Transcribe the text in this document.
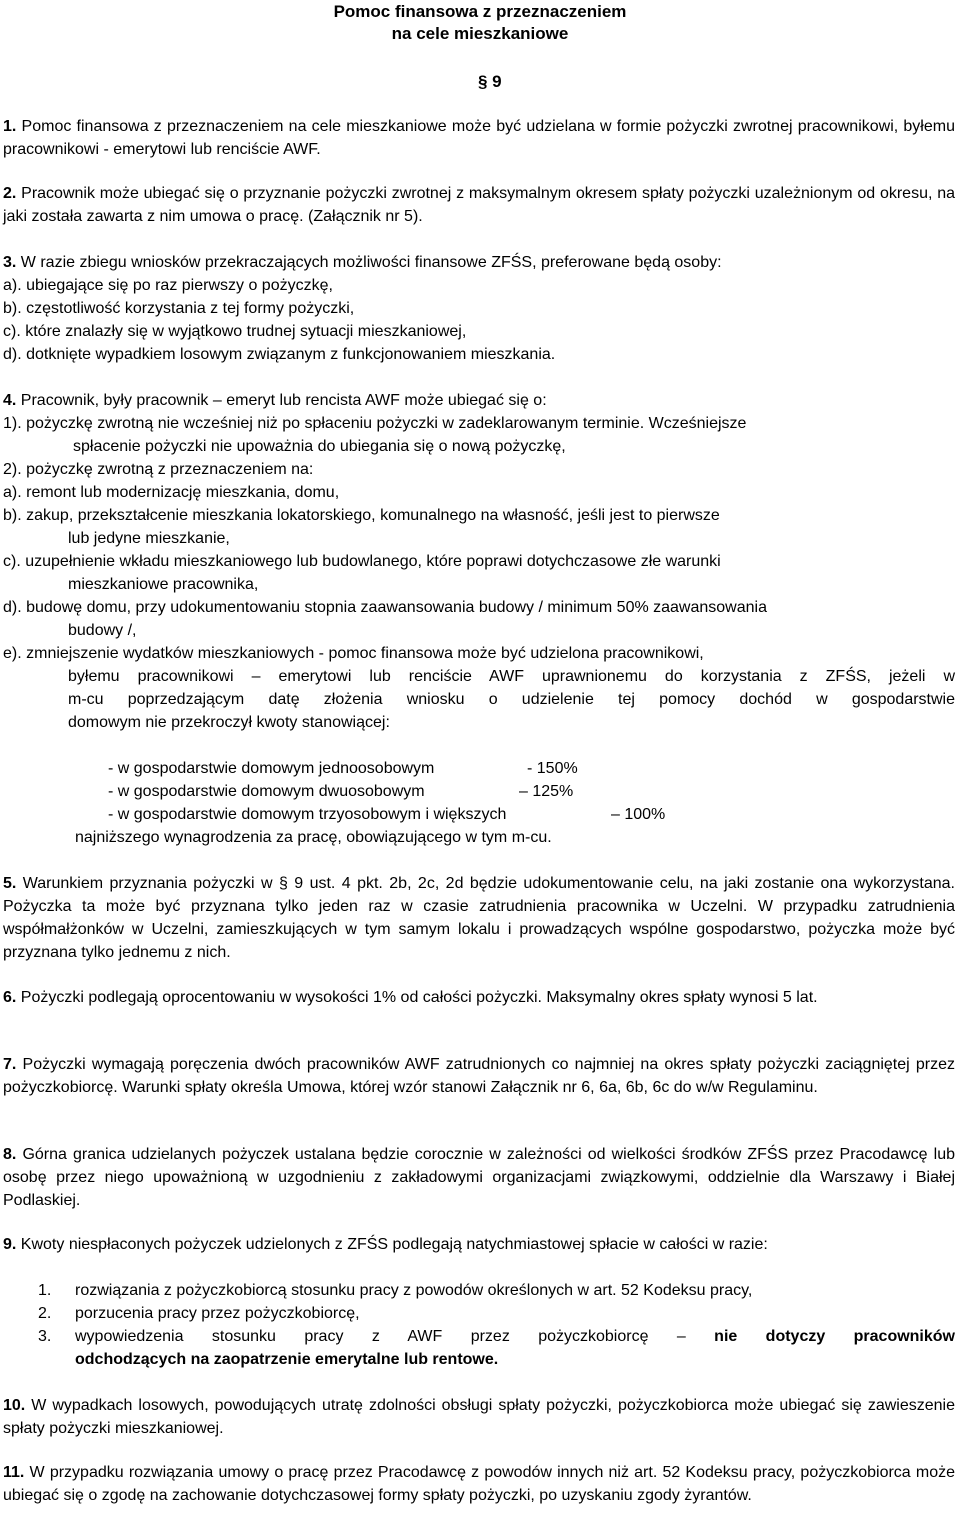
Pomoc finansowa z przeznaczeniem
na cele mieszkaniowe
§ 9
1. Pomoc finansowa z przeznaczeniem na cele mieszkaniowe może być udzielana w formie pożyczki zwrotnej pracownikowi, byłemu pracownikowi - emerytowi lub renciście AWF.
2. Pracownik może ubiegać się o przyznanie pożyczki zwrotnej z maksymalnym okresem spłaty pożyczki uzależnionym od okresu, na jaki została zawarta z nim umowa o pracę. (Załącznik nr 5).
3. W razie zbiegu wniosków przekraczających możliwości finansowe ZFŚS, preferowane będą osoby:
a). ubiegające się po raz pierwszy o pożyczkę,
b). częstotliwość korzystania z tej formy pożyczki,
c). które znalazły się w wyjątkowo trudnej sytuacji mieszkaniowej,
d). dotknięte wypadkiem losowym związanym z funkcjonowaniem mieszkania.
4. Pracownik, były pracownik – emeryt lub rencista AWF może ubiegać się o:
1). pożyczkę zwrotną nie wcześniej niż po spłaceniu pożyczki w zadeklarowanym terminie. Wcześniejsze
spłacenie pożyczki nie upoważnia do ubiegania się o nową pożyczkę,
2). pożyczkę zwrotną z przeznaczeniem na:
a). remont lub modernizację mieszkania, domu,
b). zakup, przekształcenie mieszkania lokatorskiego, komunalnego na własność, jeśli jest to pierwsze
lub jedyne mieszkanie,
c). uzupełnienie wkładu mieszkaniowego lub budowlanego, które poprawi dotychczasowe złe warunki
mieszkaniowe pracownika,
d). budowę domu, przy udokumentowaniu stopnia zaawansowania budowy / minimum 50% zaawansowania
budowy /,
e). zmniejszenie wydatków mieszkaniowych - pomoc finansowa może być udzielona pracownikowi,
byłemu pracownikowi – emerytowi lub renciście AWF uprawnionemu do korzystania z ZFŚS, jeżeli w
m-cu poprzedzającym datę złożenia wniosku o udzielenie tej pomocy dochód w gospodarstwie
domowym nie przekroczył kwoty stanowiącej:
- w gospodarstwie domowym jednoosobowym	- 150%
- w gospodarstwie domowym dwuosobowym	– 125%
- w gospodarstwie domowym trzyosobowym i większych	– 100%
najniższego wynagrodzenia za pracę, obowiązującego w tym m-cu.
5. Warunkiem przyznania pożyczki w § 9 ust. 4 pkt. 2b, 2c, 2d będzie udokumentowanie celu, na jaki zostanie ona wykorzystana. Pożyczka ta może być przyznana tylko jeden raz w czasie zatrudnienia pracownika w Uczelni. W przypadku zatrudnienia współmałżonków w Uczelni, zamieszkujących w tym samym lokalu i prowadzących wspólne gospodarstwo, pożyczka może być przyznana tylko jednemu z nich.
6. Pożyczki podlegają oprocentowaniu w wysokości 1% od całości pożyczki. Maksymalny okres spłaty wynosi 5 lat.
7. Pożyczki wymagają poręczenia dwóch pracowników AWF zatrudnionych co najmniej na okres spłaty pożyczki zaciągniętej przez pożyczkobiorcę. Warunki spłaty określa Umowa, której wzór stanowi Załącznik nr 6, 6a, 6b, 6c do w/w Regulaminu.
8. Górna granica udzielanych pożyczek ustalana będzie corocznie w zależności od wielkości środków ZFŚS przez Pracodawcę lub osobę przez niego upoważnioną w uzgodnieniu z zakładowymi organizacjami związkowymi, oddzielnie dla Warszawy i Białej Podlaskiej.
9. Kwoty niespłaconych pożyczek udzielonych z ZFŚS podlegają natychmiastowej spłacie w całości w razie:
1. rozwiązania z pożyczkobiorcą stosunku pracy z powodów określonych w art. 52 Kodeksu pracy,
2. porzucenia pracy przez pożyczkobiorcę,
3. wypowiedzenia stosunku pracy z AWF przez pożyczkobiorcę – nie dotyczy pracowników
odchodzących na zaopatrzenie emerytalne lub rentowe.
10. W wypadkach losowych, powodujących utratę zdolności obsługi spłaty pożyczki, pożyczkobiorca może ubiegać się zawieszenie spłaty pożyczki mieszkaniowej.
11. W przypadku rozwiązania umowy o pracę przez Pracodawcę z powodów innych niż art. 52 Kodeksu pracy, pożyczkobiorca może ubiegać się o zgodę na zachowanie dotychczasowej formy spłaty pożyczki, po uzyskaniu zgody żyrantów.
